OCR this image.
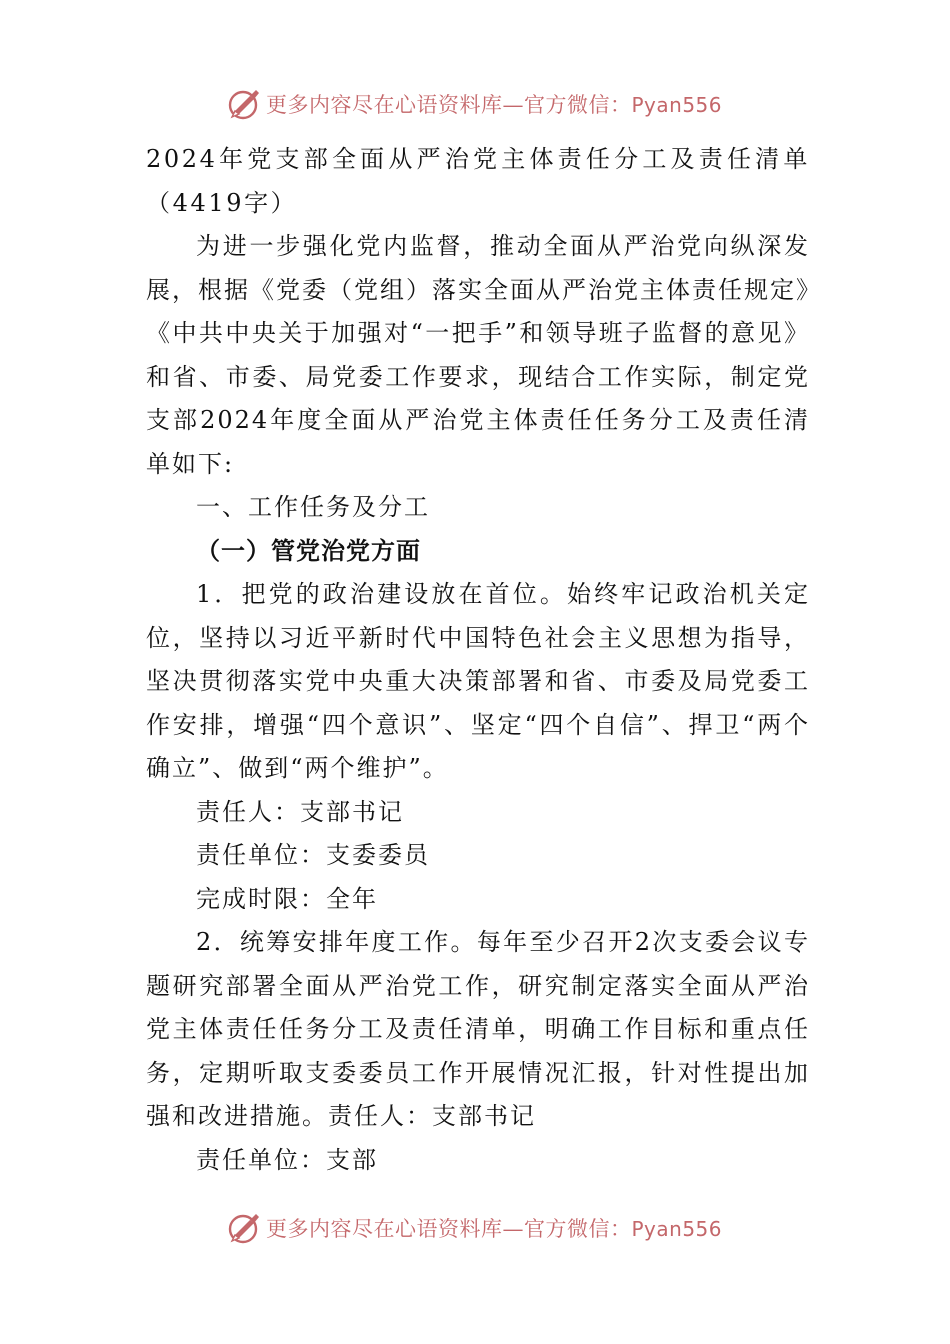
更多内容尽在心语资料库—官方微信：Pyan556

2024年党支部全面从严治党主体责任分工及责任清单（4419字）

为进一步强化党内监督，推动全面从严治党向纵深发展，根据《党委（党组）落实全面从严治党主体责任规定》《中共中央关于加强对“一把手”和领导班子监督的意见》和省、市委、局党委工作要求，现结合工作实际，制定党支部2024年度全面从严治党主体责任任务分工及责任清单如下:

一、工作任务及分工

（一）管党治党方面

1．把党的政治建设放在首位。始终牢记政治机关定位，坚持以习近平新时代中国特色社会主义思想为指导，坚决贯彻落实党中央重大决策部署和省、市委及局党委工作安排，增强“四个意识”、坚定“四个自信”、捍卫“两个确立”、做到“两个维护”。

责任人：支部书记

责任单位：支委委员

完成时限：全年

2．统筹安排年度工作。每年至少召开2次支委会议专题研究部署全面从严治党工作，研究制定落实全面从严治党主体责任任务分工及责任清单，明确工作目标和重点任务，定期听取支委委员工作开展情况汇报，针对性提出加强和改进措施。责任人：支部书记

责任单位：支部

更多内容尽在心语资料库—官方微信：Pyan556
